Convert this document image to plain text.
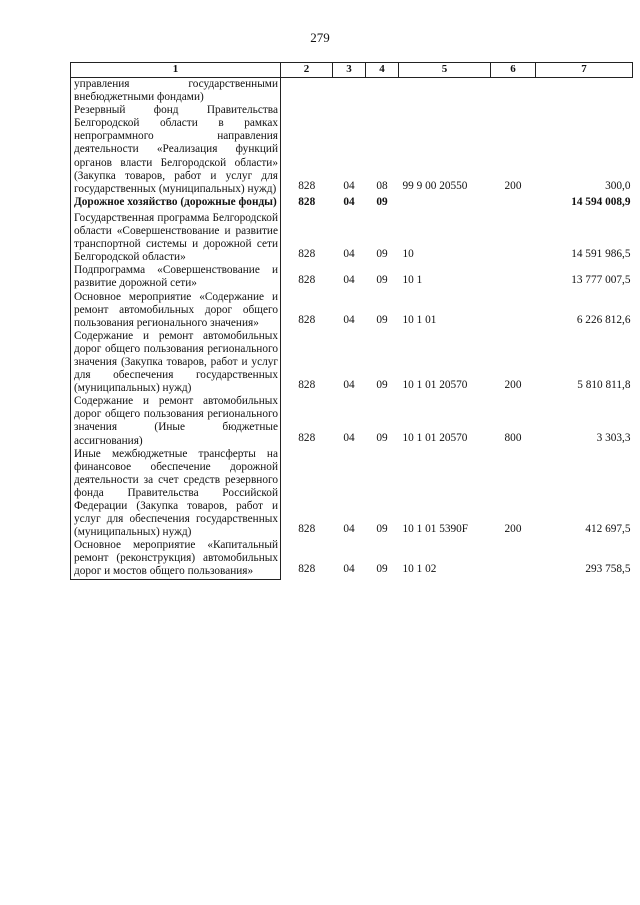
279
1	2	3	4	5	6	7
управления государственными внебюджетными фондами)						
Резервный фонд Правительства Белгородской области в рамках непрограммного направления деятельности «Реализация функций органов власти Белгородской области» (Закупка товаров, работ и услуг для государственных (муниципальных) нужд)	828	04	08	99 9 00 20550	200	300,0
Дорожное хозяйство (дорожные фонды)	828	04	09			14 594 008,9
Государственная программа Белгородской области «Совершенствование и развитие транспортной системы и дорожной сети Белгородской области»	828	04	09	10		14 591 986,5
Подпрограмма «Совершенствование и развитие дорожной сети»	828	04	09	10 1		13 777 007,5
Основное мероприятие «Содержание и ремонт автомобильных дорог общего пользования регионального значения»	828	04	09	10 1 01		6 226 812,6
Содержание и ремонт автомобильных дорог общего пользования регионального значения (Закупка товаров, работ и услуг для обеспечения государственных (муниципальных) нужд)	828	04	09	10 1 01 20570	200	5 810 811,8
Содержание и ремонт автомобильных дорог общего пользования регионального значения (Иные бюджетные ассигнования)	828	04	09	10 1 01 20570	800	3 303,3
Иные межбюджетные трансферты на финансовое обеспечение дорожной деятельности за счет средств резервного фонда Правительства Российской Федерации (Закупка товаров, работ и услуг для обеспечения государственных (муниципальных) нужд)	828	04	09	10 1 01 5390F	200	412 697,5
Основное мероприятие «Капитальный ремонт (реконструкция) автомобильных дорог и мостов общего пользования»	828	04	09	10 1 02		293 758,5
